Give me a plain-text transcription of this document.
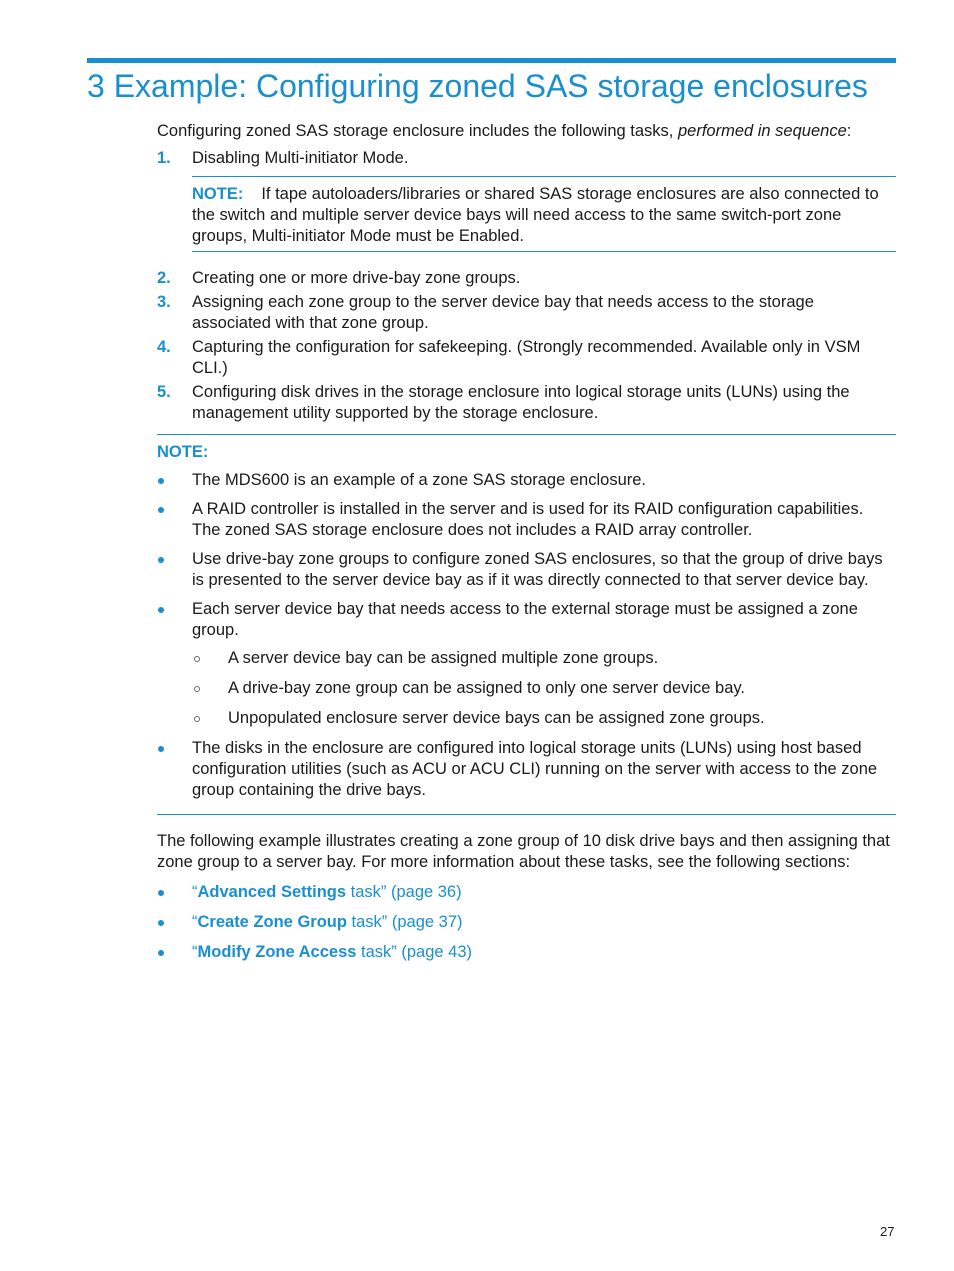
3 Example: Configuring zoned SAS storage enclosures

Configuring zoned SAS storage enclosure includes the following tasks, performed in sequence:

1. Disabling Multi-initiator Mode.
NOTE: If tape autoloaders/libraries or shared SAS storage enclosures are also connected to the switch and multiple server device bays will need access to the same switch-port zone groups, Multi-initiator Mode must be Enabled.
2. Creating one or more drive-bay zone groups.
3. Assigning each zone group to the server device bay that needs access to the storage associated with that zone group.
4. Capturing the configuration for safekeeping. (Strongly recommended. Available only in VSM CLI.)
5. Configuring disk drives in the storage enclosure into logical storage units (LUNs) using the management utility supported by the storage enclosure.
NOTE:
The MDS600 is an example of a zone SAS storage enclosure.
A RAID controller is installed in the server and is used for its RAID configuration capabilities. The zoned SAS storage enclosure does not includes a RAID array controller.
Use drive-bay zone groups to configure zoned SAS enclosures, so that the group of drive bays is presented to the server device bay as if it was directly connected to that server device bay.
Each server device bay that needs access to the external storage must be assigned a zone group.
A server device bay can be assigned multiple zone groups.
A drive-bay zone group can be assigned to only one server device bay.
Unpopulated enclosure server device bays can be assigned zone groups.
The disks in the enclosure are configured into logical storage units (LUNs) using host based configuration utilities (such as ACU or ACU CLI) running on the server with access to the zone group containing the drive bays.

The following example illustrates creating a zone group of 10 disk drive bays and then assigning that zone group to a server bay. For more information about these tasks, see the following sections:

“Advanced Settings task” (page 36)
“Create Zone Group task” (page 37)
“Modify Zone Access task” (page 43)
27
